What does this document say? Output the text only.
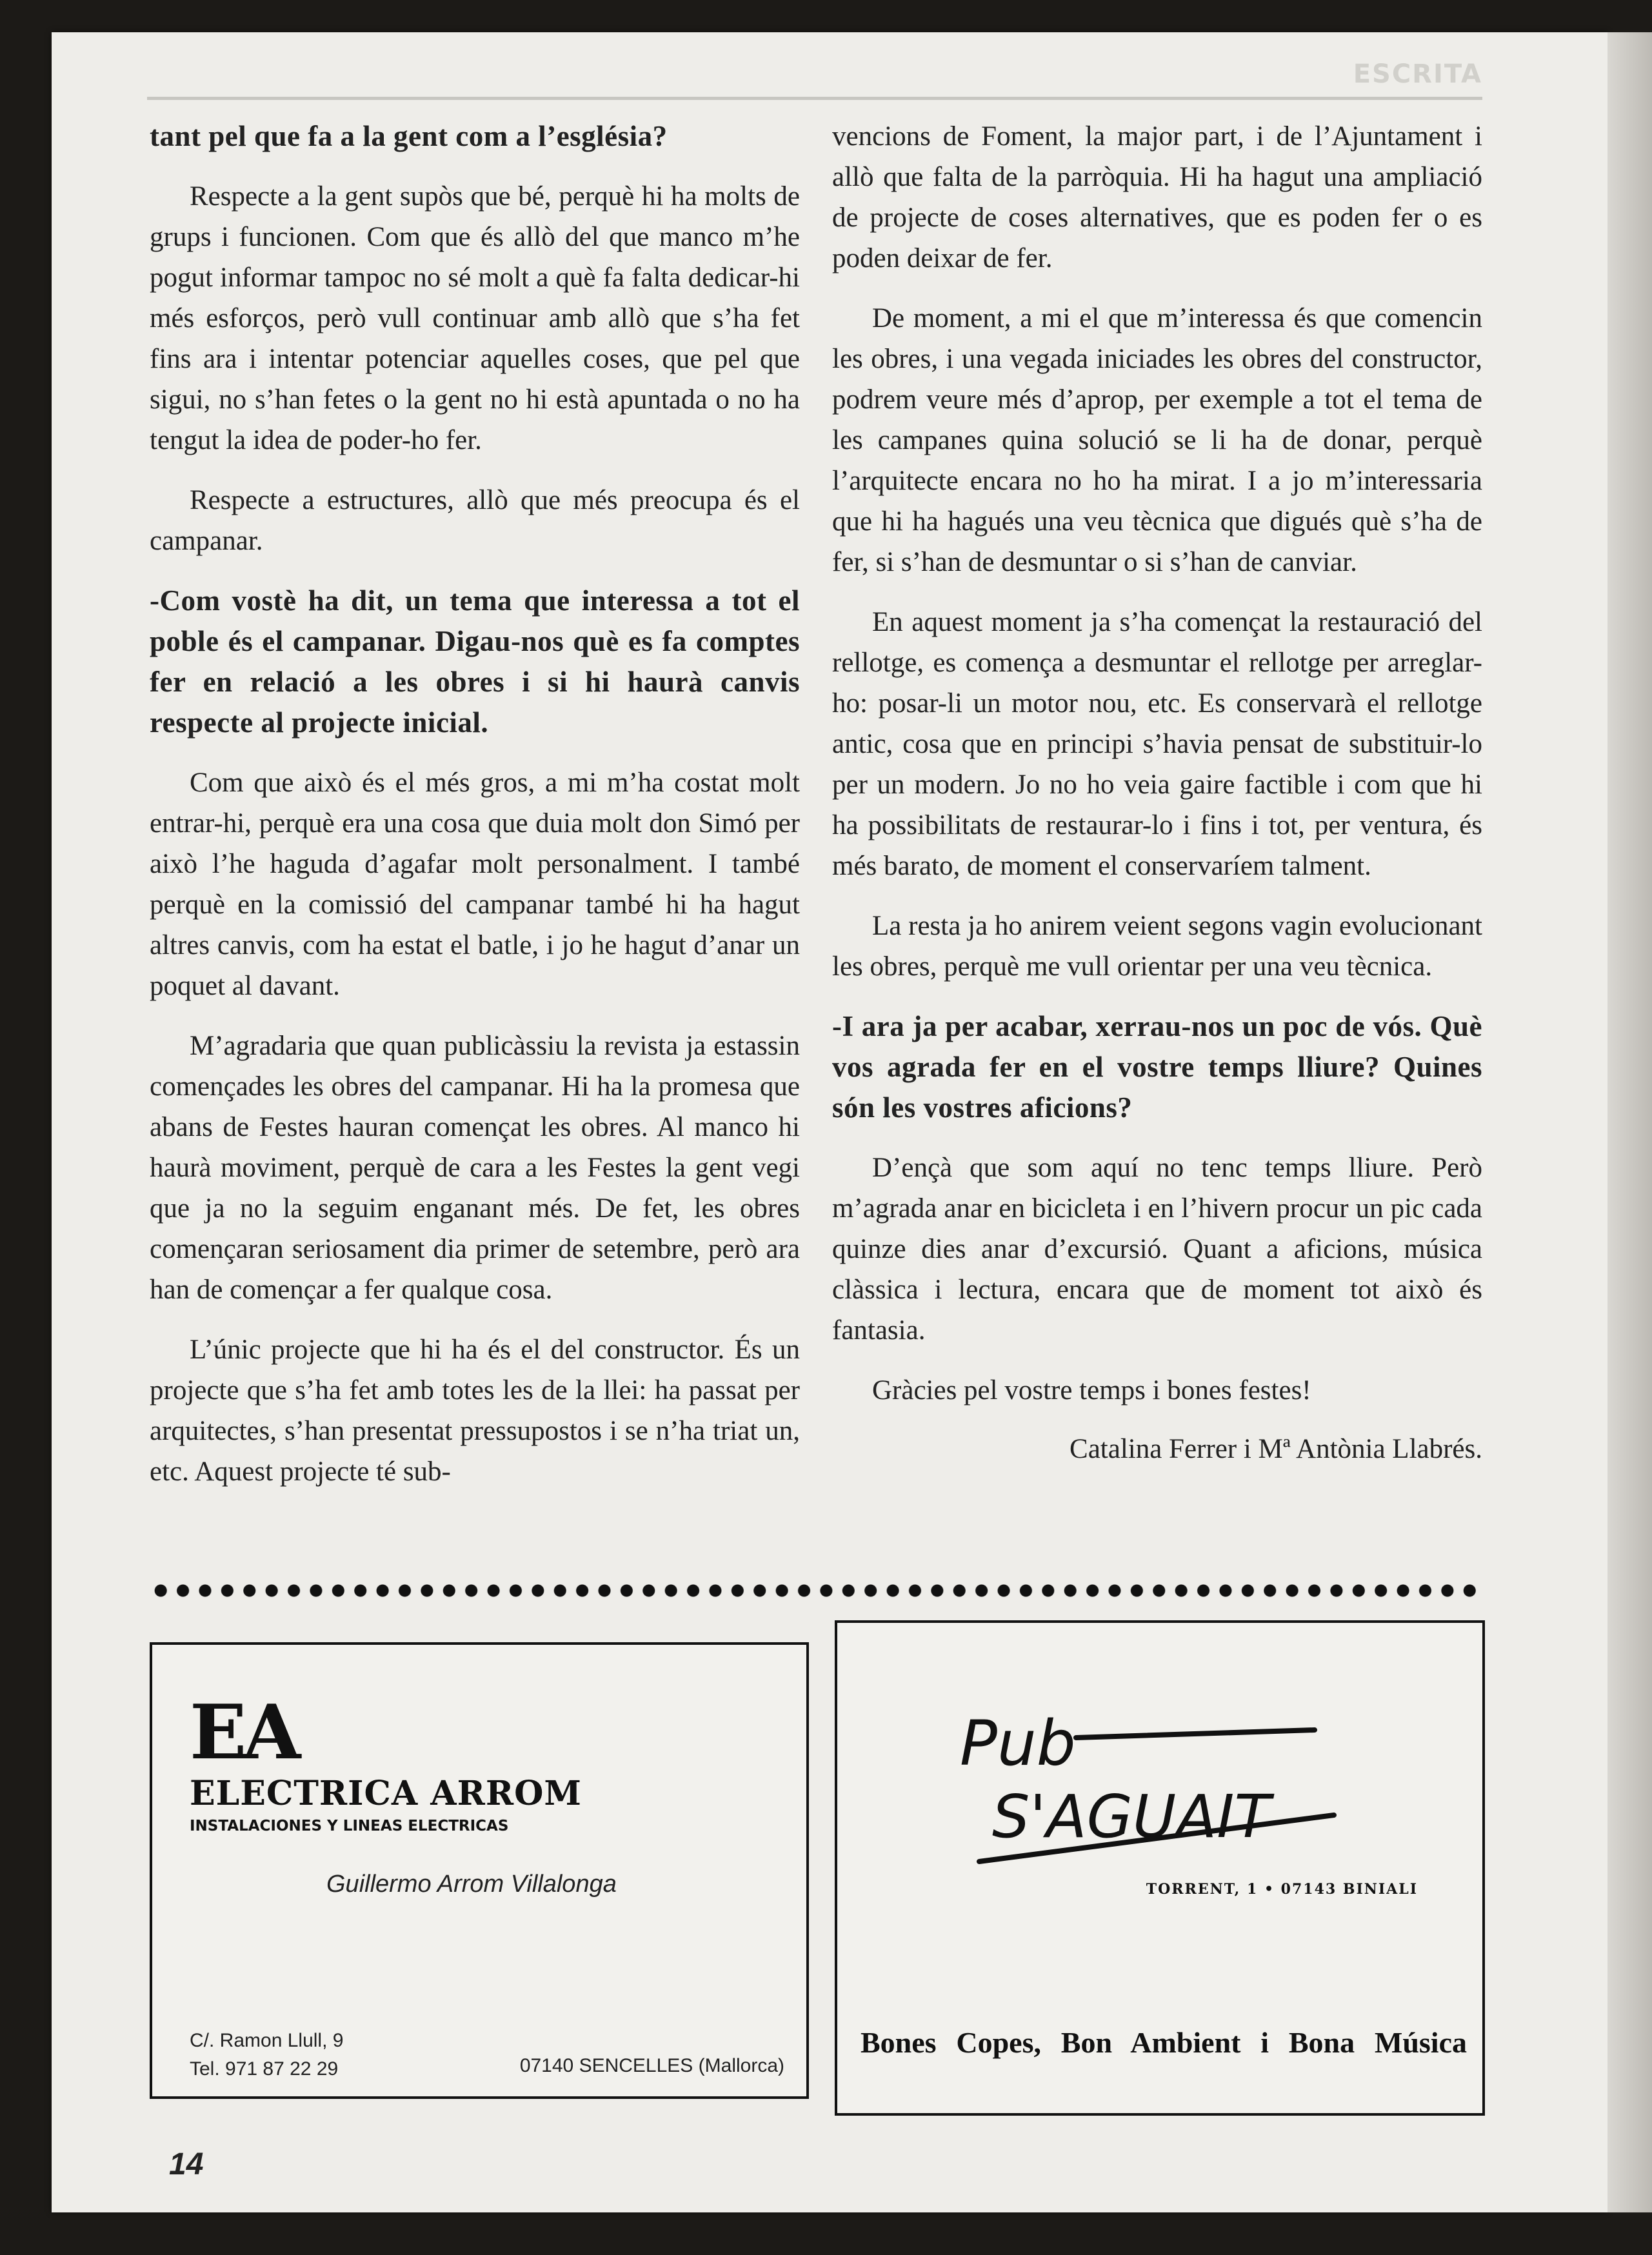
ESCRITA

tant pel que fa a la gent com a l’església?

Respecte a la gent supòs que bé, perquè hi ha molts de grups i funcionen. Com que és allò del que manco m’he pogut informar tampoc no sé molt a què fa falta dedicar-hi més esforços, però vull continuar amb allò que s’ha fet fins ara i intentar potenciar aquelles coses, que pel que sigui, no s’han fetes o la gent no hi està apuntada o no ha tengut la idea de poder-ho fer.

Respecte a estructures, allò que més preocupa és el campanar.

-Com vostè ha dit, un tema que interessa a tot el poble és el campanar. Digau-nos què es fa comptes fer en relació a les obres i si hi haurà canvis respecte al projecte inicial.

Com que això és el més gros, a mi m’ha costat molt entrar-hi, perquè era una cosa que duia molt don Simó per això l’he haguda d’agafar molt personalment. I també perquè en la comissió del campanar també hi ha hagut altres canvis, com ha estat el batle, i jo he hagut d’anar un poquet al davant.

M’agradaria que quan publicàssiu la revista ja estassin començades les obres del campanar. Hi ha la promesa que abans de Festes hauran començat les obres. Al manco hi haurà moviment, perquè de cara a les Festes la gent vegi que ja no la seguim enganant més. De fet, les obres començaran seriosament dia primer de setembre, però ara han de començar a fer qualque cosa.

L’únic projecte que hi ha és el del constructor. És un projecte que s’ha fet amb totes les de la llei: ha passat per arquitectes, s’han presentat pressupostos i se n’ha triat un, etc. Aquest projecte té sub-

vencions de Foment, la major part, i de l’Ajuntament i allò que falta de la parròquia. Hi ha hagut una ampliació de projecte de coses alternatives, que es poden fer o es poden deixar de fer.

De moment, a mi el que m’interessa és que comencin les obres, i una vegada iniciades les obres del constructor, podrem veure més d’aprop, per exemple a tot el tema de les campanes quina solució se li ha de donar, perquè l’arquitecte encara no ho ha mirat. I a jo m’interessaria que hi ha hagués una veu tècnica que digués què s’ha de fer, si s’han de desmuntar o si s’han de canviar.

En aquest moment ja s’ha començat la restauració del rellotge, es comença a desmuntar el rellotge per arreglar-ho: posar-li un motor nou, etc. Es conservarà el rellotge antic, cosa que en principi s’havia pensat de substituir-lo per un modern. Jo no ho veia gaire factible i com que hi ha possibilitats de restaurar-lo i fins i tot, per ventura, és més barato, de moment el conservaríem talment.

La resta ja ho anirem veient segons vagin evolucionant les obres, perquè me vull orientar per una veu tècnica.

-I ara ja per acabar, xerrau-nos un poc de vós. Què vos agrada fer en el vostre temps lliure? Quines són les vostres aficions?

D’ençà que som aquí no tenc temps lliure. Però m’agrada anar en bicicleta i en l’hivern procur un pic cada quinze dies anar d’excursió. Quant a aficions, música clàssica i lectura, encara que de moment tot això és fantasia.

Gràcies pel vostre temps i bones festes!

Catalina Ferrer i Mª Antònia Llabrés.

EA
ELECTRICA ARROM
INSTALACIONES Y LINEAS ELECTRICAS
Guillermo Arrom Villalonga
C/. Ramon Llull, 9
Tel. 971 87 22 29	07140 SENCELLES (Mallorca)
Pub
S'AGUAIT
TORRENT, 1 • 07143 BINIALI
Bones Copes, Bon Ambient i Bona Música
14
